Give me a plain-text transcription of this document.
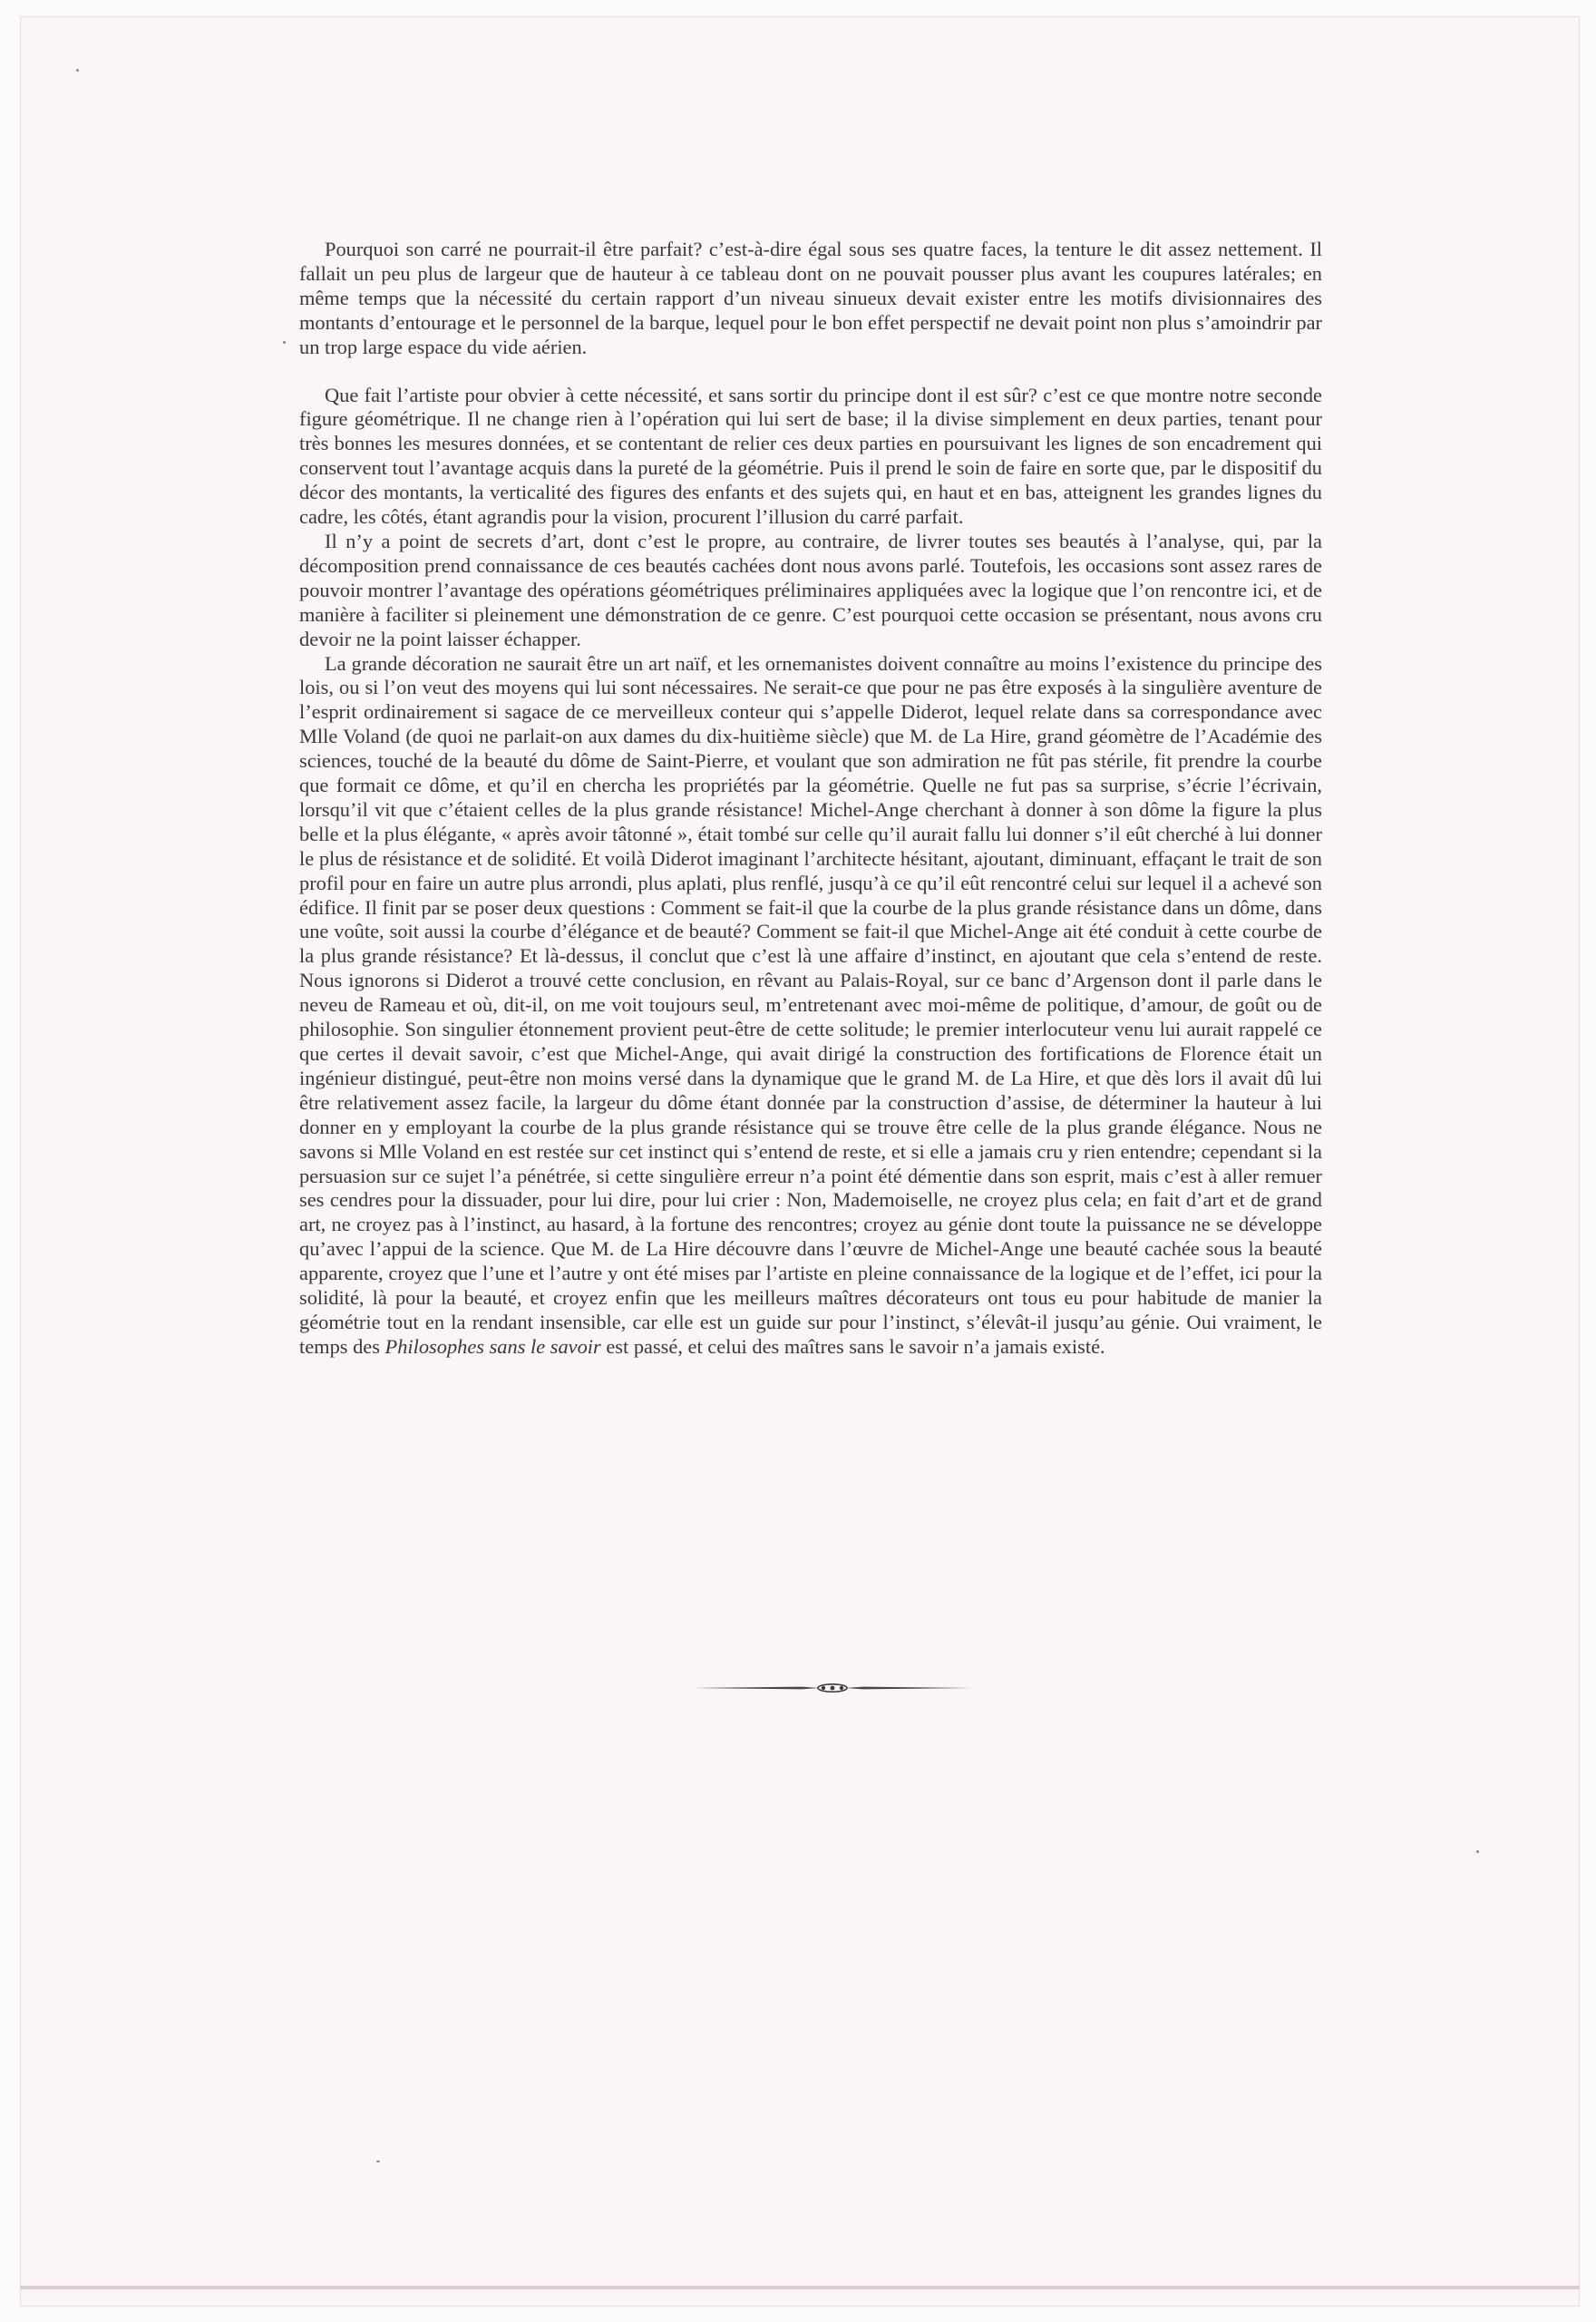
Pourquoi son carré ne pourrait-il être parfait? c’est-à-dire égal sous ses quatre faces, la tenture le dit assez nettement. Il fallait un peu plus de largeur que de hauteur à ce tableau dont on ne pouvait pousser plus avant les coupures latérales; en même temps que la nécessité du certain rapport d’un niveau sinueux devait exister entre les motifs divisionnaires des montants d’entourage et le personnel de la barque, lequel pour le bon effet perspectif ne devait point non plus s’amoindrir par un trop large espace du vide aérien.

Que fait l’artiste pour obvier à cette nécessité, et sans sortir du principe dont il est sûr? c’est ce que montre notre seconde figure géométrique. Il ne change rien à l’opération qui lui sert de base; il la divise simplement en deux parties, tenant pour très bonnes les mesures données, et se contentant de relier ces deux parties en poursuivant les lignes de son encadrement qui conservent tout l’avantage acquis dans la pureté de la géométrie. Puis il prend le soin de faire en sorte que, par le dispositif du décor des montants, la verticalité des figures des enfants et des sujets qui, en haut et en bas, atteignent les grandes lignes du cadre, les côtés, étant agrandis pour la vision, procurent l’illusion du carré parfait.

Il n’y a point de secrets d’art, dont c’est le propre, au contraire, de livrer toutes ses beautés à l’analyse, qui, par la décomposition prend connaissance de ces beautés cachées dont nous avons parlé. Toutefois, les occasions sont assez rares de pouvoir montrer l’avantage des opérations géométriques préliminaires appliquées avec la logique que l’on rencontre ici, et de manière à faciliter si pleinement une démonstration de ce genre. C’est pourquoi cette occasion se présentant, nous avons cru devoir ne la point laisser échapper.

La grande décoration ne saurait être un art naïf, et les ornemanistes doivent connaître au moins l’existence du principe des lois, ou si l’on veut des moyens qui lui sont nécessaires. Ne serait-ce que pour ne pas être exposés à la singulière aventure de l’esprit ordinairement si sagace de ce merveilleux conteur qui s’appelle Diderot, lequel relate dans sa correspondance avec Mlle Voland (de quoi ne parlait-on aux dames du dix-huitième siècle) que M. de La Hire, grand géomètre de l’Académie des sciences, touché de la beauté du dôme de Saint-Pierre, et voulant que son admiration ne fût pas stérile, fit prendre la courbe que formait ce dôme, et qu’il en chercha les propriétés par la géométrie. Quelle ne fut pas sa surprise, s’écrie l’écrivain, lorsqu’il vit que c’étaient celles de la plus grande résistance! Michel-Ange cherchant à donner à son dôme la figure la plus belle et la plus élégante, « après avoir tâtonné », était tombé sur celle qu’il aurait fallu lui donner s’il eût cherché à lui donner le plus de résistance et de solidité. Et voilà Diderot imaginant l’architecte hésitant, ajoutant, diminuant, effaçant le trait de son profil pour en faire un autre plus arrondi, plus aplati, plus renflé, jusqu’à ce qu’il eût rencontré celui sur lequel il a achevé son édifice. Il finit par se poser deux questions : Comment se fait-il que la courbe de la plus grande résistance dans un dôme, dans une voûte, soit aussi la courbe d’élégance et de beauté? Comment se fait-il que Michel-Ange ait été conduit à cette courbe de la plus grande résistance? Et là-dessus, il conclut que c’est là une affaire d’instinct, en ajoutant que cela s’entend de reste. Nous ignorons si Diderot a trouvé cette conclusion, en rêvant au Palais-Royal, sur ce banc d’Argenson dont il parle dans le neveu de Rameau et où, dit-il, on me voit toujours seul, m’entretenant avec moi-même de politique, d’amour, de goût ou de philosophie. Son singulier étonnement provient peut-être de cette solitude; le premier interlocuteur venu lui aurait rappelé ce que certes il devait savoir, c’est que Michel-Ange, qui avait dirigé la construction des fortifications de Florence était un ingénieur distingué, peut-être non moins versé dans la dynamique que le grand M. de La Hire, et que dès lors il avait dû lui être relativement assez facile, la largeur du dôme étant donnée par la construction d’assise, de déterminer la hauteur à lui donner en y employant la courbe de la plus grande résistance qui se trouve être celle de la plus grande élégance. Nous ne savons si Mlle Voland en est restée sur cet instinct qui s’entend de reste, et si elle a jamais cru y rien entendre; cependant si la persuasion sur ce sujet l’a pénétrée, si cette singulière erreur n’a point été démentie dans son esprit, mais c’est à aller remuer ses cendres pour la dissuader, pour lui dire, pour lui crier : Non, Mademoiselle, ne croyez plus cela; en fait d’art et de grand art, ne croyez pas à l’instinct, au hasard, à la fortune des rencontres; croyez au génie dont toute la puissance ne se développe qu’avec l’appui de la science. Que M. de La Hire découvre dans l’œuvre de Michel-Ange une beauté cachée sous la beauté apparente, croyez que l’une et l’autre y ont été mises par l’artiste en pleine connaissance de la logique et de l’effet, ici pour la solidité, là pour la beauté, et croyez enfin que les meilleurs maîtres décorateurs ont tous eu pour habitude de manier la géométrie tout en la rendant insensible, car elle est un guide sur pour l’instinct, s’élevât-il jusqu’au génie. Oui vraiment, le temps des Philosophes sans le savoir est passé, et celui des maîtres sans le savoir n’a jamais existé.
